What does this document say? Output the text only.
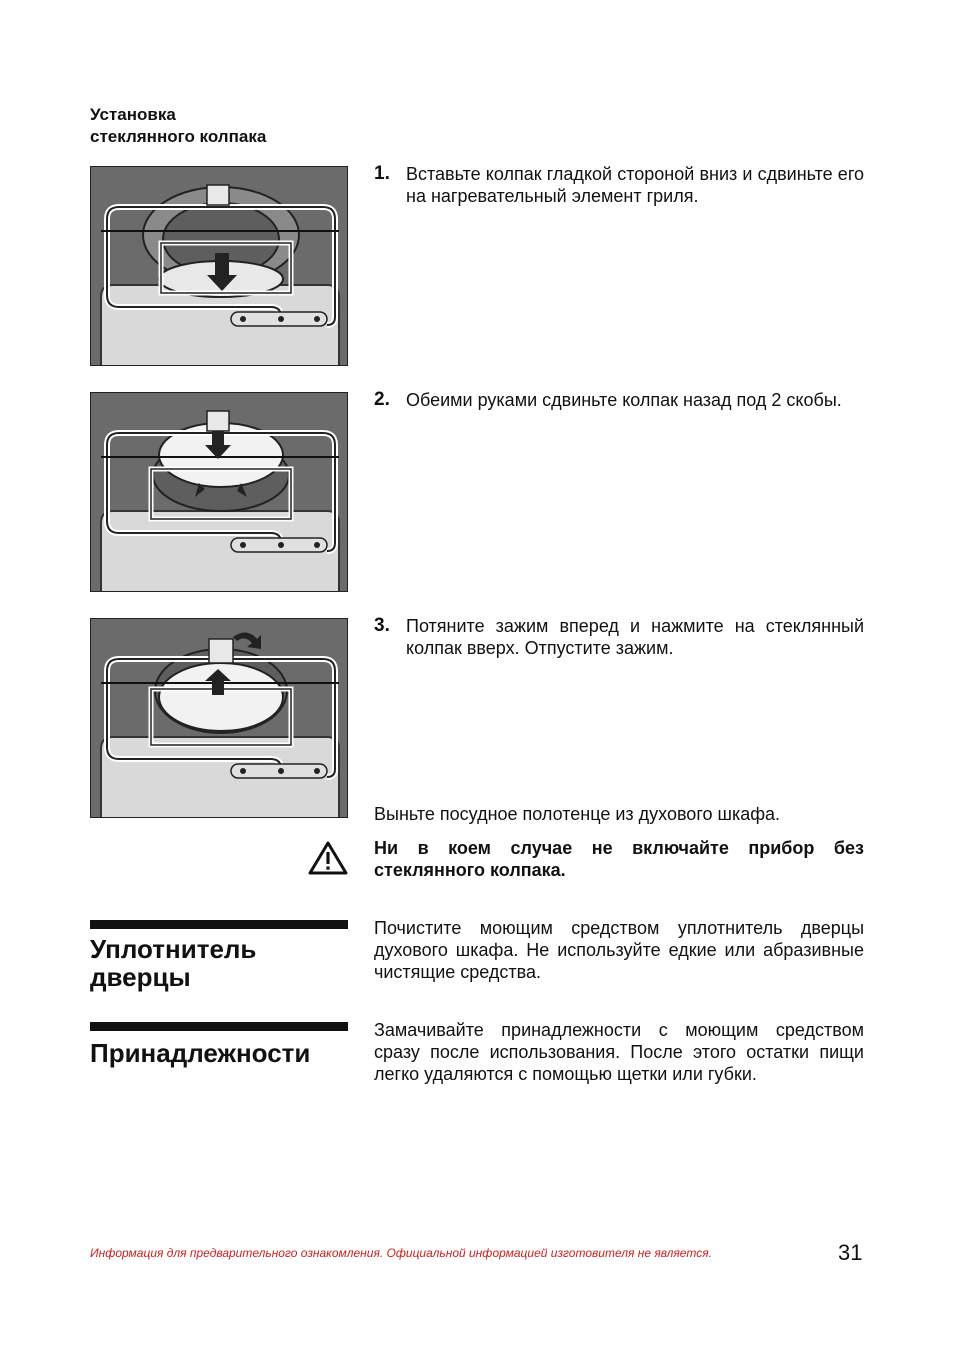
Установка
стеклянного колпака
1. Вставьте колпак гладкой стороной вниз и сдвиньте его на нагревательный элемент гриля.
2. Обеими руками сдвиньте колпак назад под 2 скобы.
3. Потяните зажим вперед и нажмите на стеклянный колпак вверх. Отпустите зажим.
Выньте посудное полотенце из духового шкафа.
Ни в коем случае не включайте прибор без стеклянного колпака.
Уплотнитель дверцы
Почистите моющим средством уплотнитель дверцы духового шкафа. Не используйте едкие или абразивные чистящие средства.
Принадлежности
Замачивайте принадлежности с моющим средством сразу после использования. После этого остатки пищи легко удаляются с помощью щетки или губки.
Информация для предварительного ознакомления. Официальной информацией изготовителя не является.	31
